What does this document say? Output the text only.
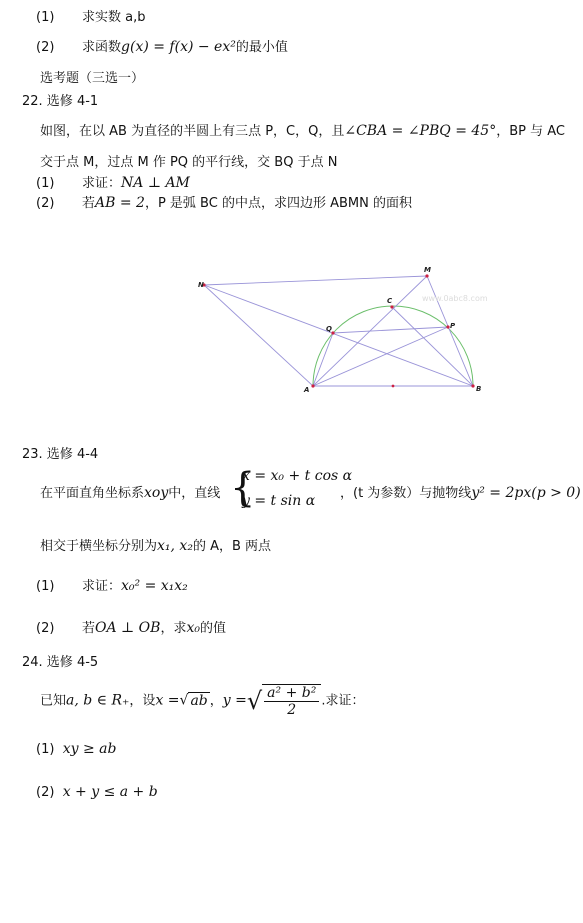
(1) 求实数 a,b
(2) 求函数g(x) = f(x) − ex²的最小值
选考题（三选一）
22. 选修 4-1
如图，在以 AB 为直径的半圆上有三点 P，C，Q，且∠CBA = ∠PBQ = 45°，BP 与 AC
交于点 M，过点 M 作 PQ 的平行线，交 BQ 于点 N
(1) 求证：NA ⊥ AM
(2) 若AB = 2，P 是弧 BC 的中点，求四边形 ABMN 的面积
N
M
C
P
Q
A	B
www.0abc8.com
23. 选修 4-4
在平面直角坐标系xoy中，直线 {
x = x₀ + t cos α
y = t sin α ，(t 为参数）与抛物线y² = 2px(p > 0)
相交于横坐标分别为x₁, x₂的 A，B 两点
(1) 求证：x₀² = x₁x₂
(2) 若OA ⊥ OB，求x₀的值
24. 选修 4-5
已知a, b ∈ R₊，设x =√ ab ，y =√ $\frac{\text{a² + b²}}{2}$ .求证：
(1) xy ≥ ab
(2) x + y ≤ a + b
